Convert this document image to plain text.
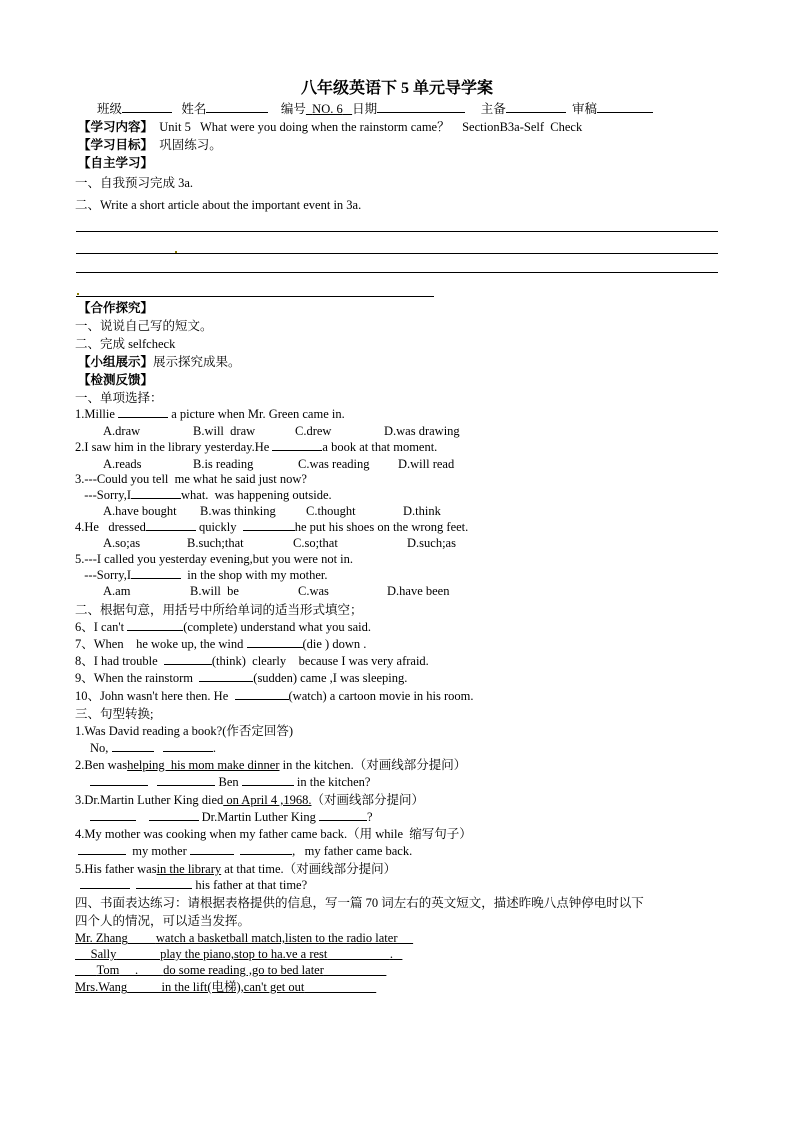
八年级英语下 5 单元导学案
班级	姓名	编号 NO. 6 日期	主备	审稿
【学习内容】 Unit 5   What were you doing when the rainstorm came？    SectionB3a-Self  Check
【学习目标】 巩固练习。
【自主学习】
一、自我预习完成 3a.
二、Write a short article about the important event in 3a.
【合作探究】
一、说说自己写的短文。
二、完成 selfcheck
【小组展示】展示探究成果。
【检测反馈】
一、单项选择：
1.Millie	a picture when Mr. Green came in.
A.draw	B.will  draw	C.drew	D.was drawing
2.I saw him in the library yesterday.He	a book at that moment.
A.reads	B.is reading	C.was reading D.will read
3.---Could you tell  me what he said just now?
---Sorry,I	what.  was happening outside.
A.have bought B.was thinking C.thought	D.think
4.He   dressed	quickly	he put his shoes on the wrong feet.
A.so;as	B.such;that	C.so;that	D.such;as
5.---I called you yesterday evening,but you were not in.
---Sorry,I	in the shop with my mother.
A.am	B.will  be	C.was	D.have been
二、根据句意，用括号中所给单词的适当形式填空；
6、I can't	(complete) understand what you said.
7、When    he woke up, the wind	(die ) down .
8、I had trouble	(think)  clearly    because I was very afraid.
9、When the rainstorm	(sudden) came ,I was sleeping.
10、John wasn't here then. He	(watch) a cartoon movie in his room.
三、句型转换;
1.Was David reading a book?(作否定回答)
No,	.
2.Ben washelping  his mom make dinner in the kitchen.（对画线部分提问）
Ben	in the kitchen?
3.Dr.Martin Luther King died on April 4 ,1968.（对画线部分提问）
Dr.Martin Luther King	?
4.My mother was cooking when my father came back.（用 while  缩写句子）
my mother	,   my father came back.
5.His father wasin the library at that time.（对画线部分提问）
his father at that time?
四、书面表达练习：请根据表格提供的信息，写一篇 70 词左右的英文短文，描述昨晚八点钟停电时以下
四个人的情况，可以适当发挥。
Mr. Zhang watch a basketball match,listen to the radio later
Sally	play the piano,stop to ha.ve a rest	.
Tom     .        do some reading ,go to bed later
Mrs.Wang	in the lift(电梯),can't get out
